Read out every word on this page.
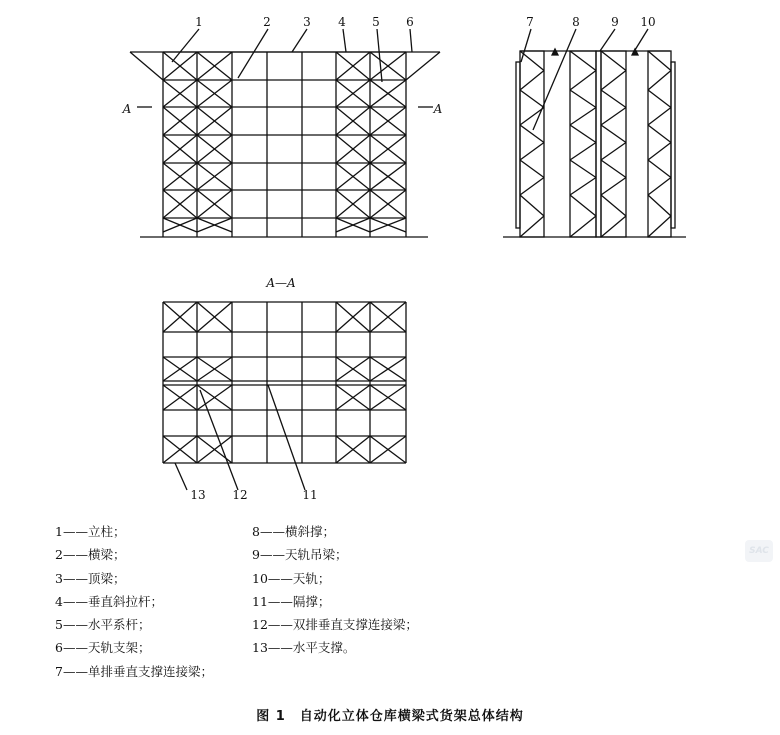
1	2	3 4 5 6	7	8	9 10
A	A
A—A
13 12	11
1——立柱；
2——横梁；
3——顶梁；
4——垂直斜拉杆；
5——水平系杆；
6——天轨支架；
7——单排垂直支撑连接梁；
8——横斜撑；
9——天轨吊梁；
10——天轨；
11——隔撑；
12——双排垂直支撑连接梁；
13——水平支撑。
图 1　自动化立体仓库横梁式货架总体结构
SAC
